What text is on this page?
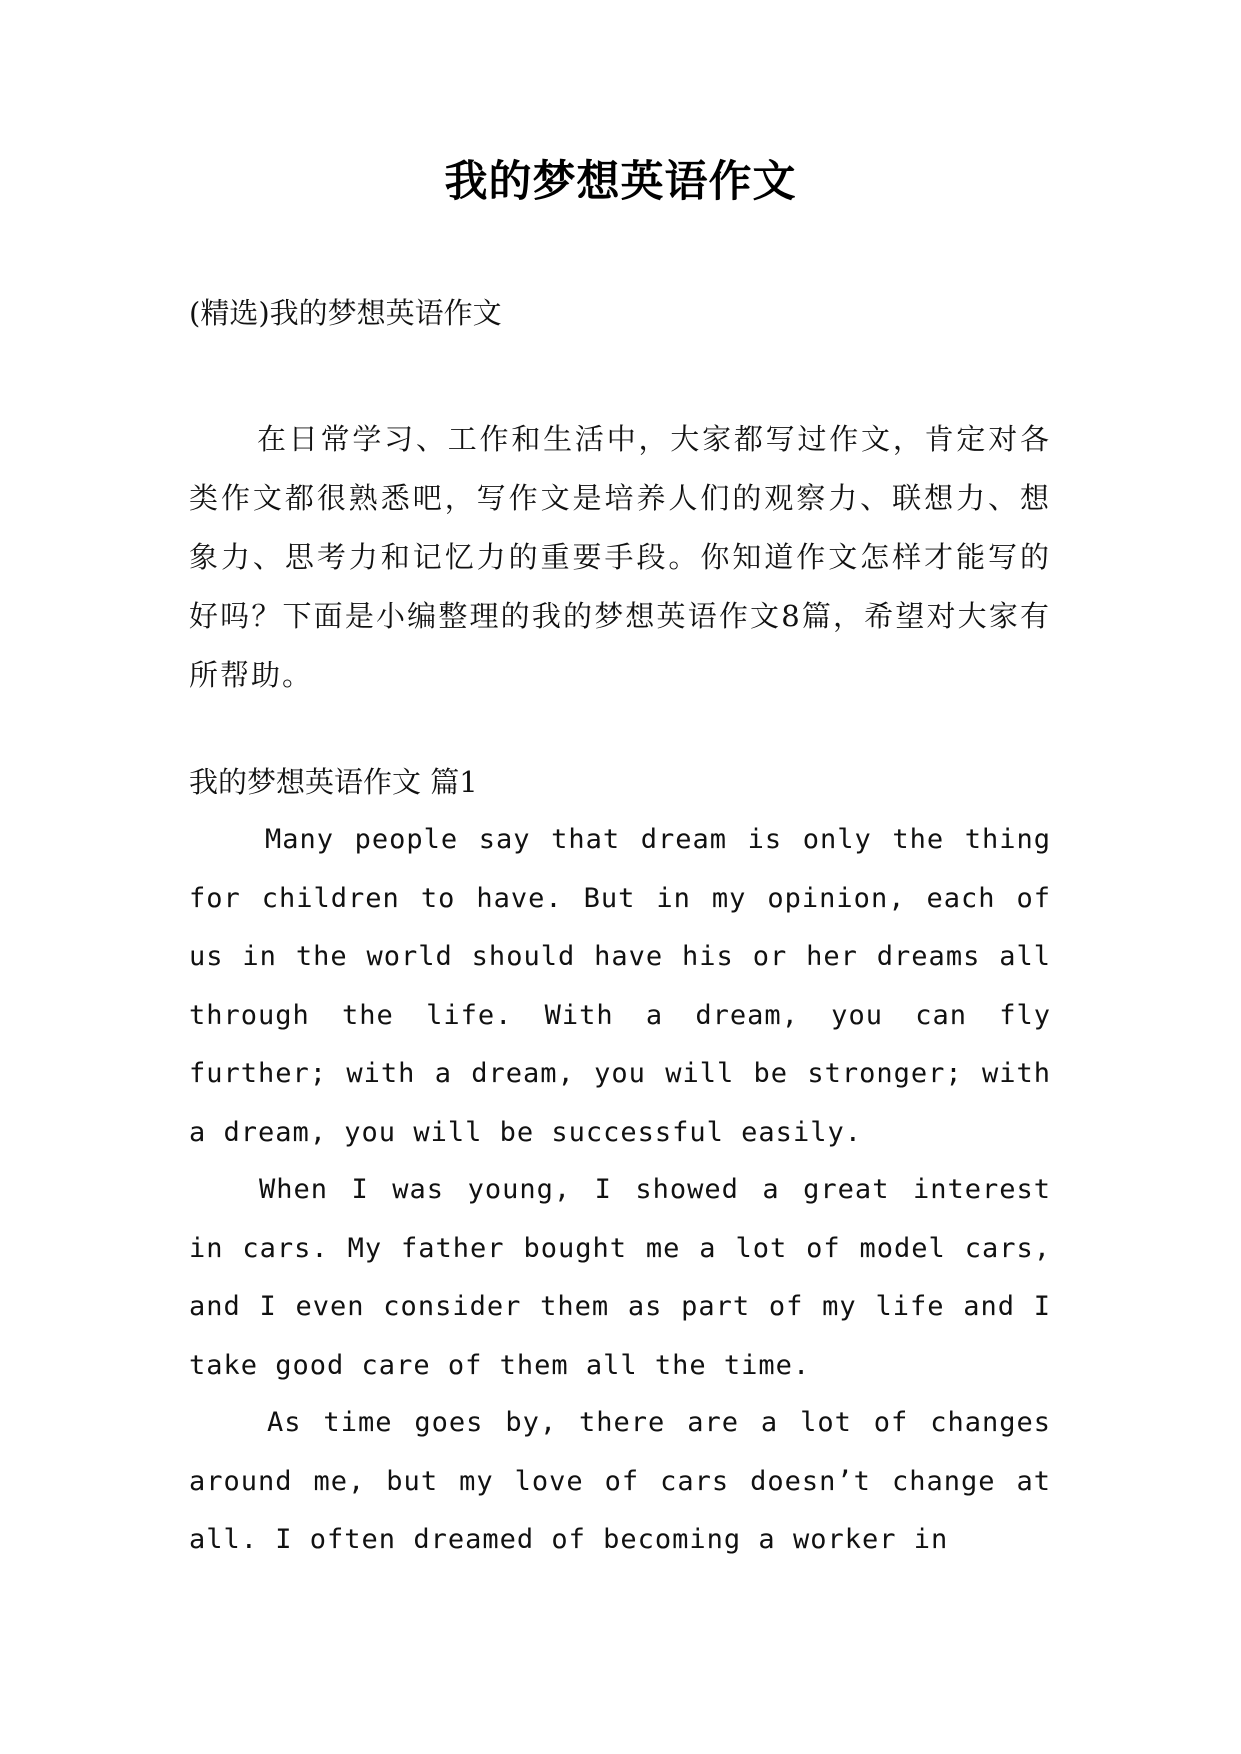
我的梦想英语作文
(精选)我的梦想英语作文

在日常学习、工作和生活中，大家都写过作文，肯定对各类作文都很熟悉吧，写作文是培养人们的观察力、联想力、想象力、思考力和记忆力的重要手段。你知道作文怎样才能写的好吗？下面是小编整理的我的梦想英语作文8篇，希望对大家有所帮助。

我的梦想英语作文 篇1

Many people say that dream is only the thing for children to have. But in my opinion, each of us in the world should have his or her dreams all through the life. With a dream, you can fly further; with a dream, you will be stronger; with a dream, you will be successful easily.

When I was young, I showed a great interest in cars. My father bought me a lot of model cars, and I even consider them as part of my life and I take good care of them all the time.

As time goes by, there are a lot of changes around me, but my love of cars doesn’t change at all. I often dreamed of becoming a worker in
